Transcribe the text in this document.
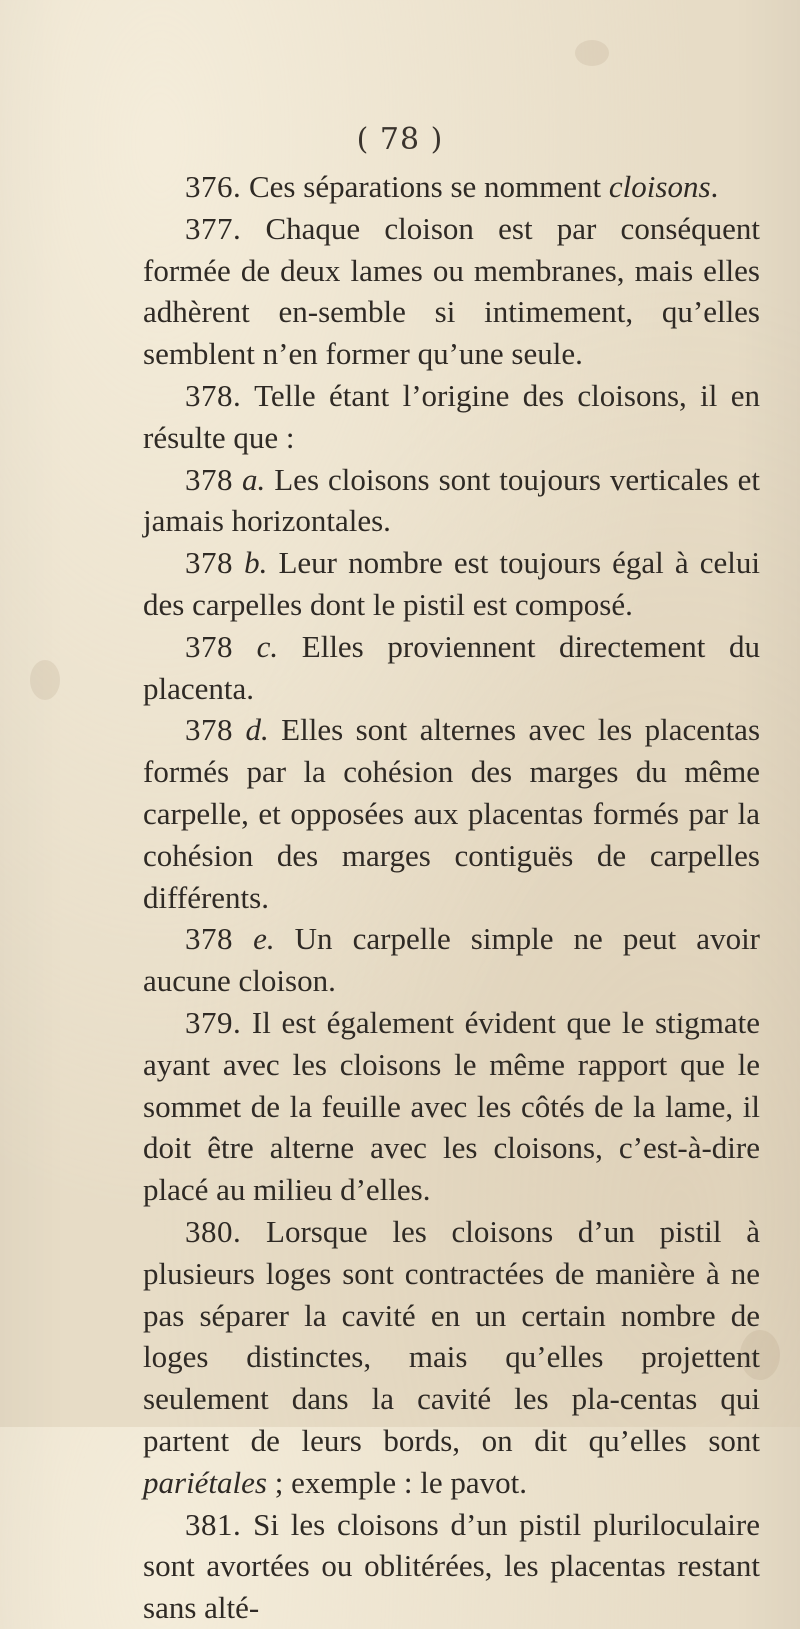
( 78 )

376. Ces séparations se nomment cloisons.

377. Chaque cloison est par conséquent formée de deux lames ou membranes, mais elles adhèrent en-semble si intimement, qu’elles semblent n’en former qu’une seule.

378. Telle étant l’origine des cloisons, il en résulte que :

378 a. Les cloisons sont toujours verticales et jamais horizontales.

378 b. Leur nombre est toujours égal à celui des carpelles dont le pistil est composé.

378 c. Elles proviennent directement du placenta.

378 d. Elles sont alternes avec les placentas formés par la cohésion des marges du même carpelle, et opposées aux placentas formés par la cohésion des marges contiguës de carpelles différents.

378 e. Un carpelle simple ne peut avoir aucune cloison.

379. Il est également évident que le stigmate ayant avec les cloisons le même rapport que le sommet de la feuille avec les côtés de la lame, il doit être alterne avec les cloisons, c’est-à-dire placé au milieu d’elles.

380. Lorsque les cloisons d’un pistil à plusieurs loges sont contractées de manière à ne pas séparer la cavité en un certain nombre de loges distinctes, mais qu’elles projettent seulement dans la cavité les pla-centas qui partent de leurs bords, on dit qu’elles sont pariétales ; exemple : le pavot.

381. Si les cloisons d’un pistil pluriloculaire sont avortées ou oblitérées, les placentas restant sans alté-
